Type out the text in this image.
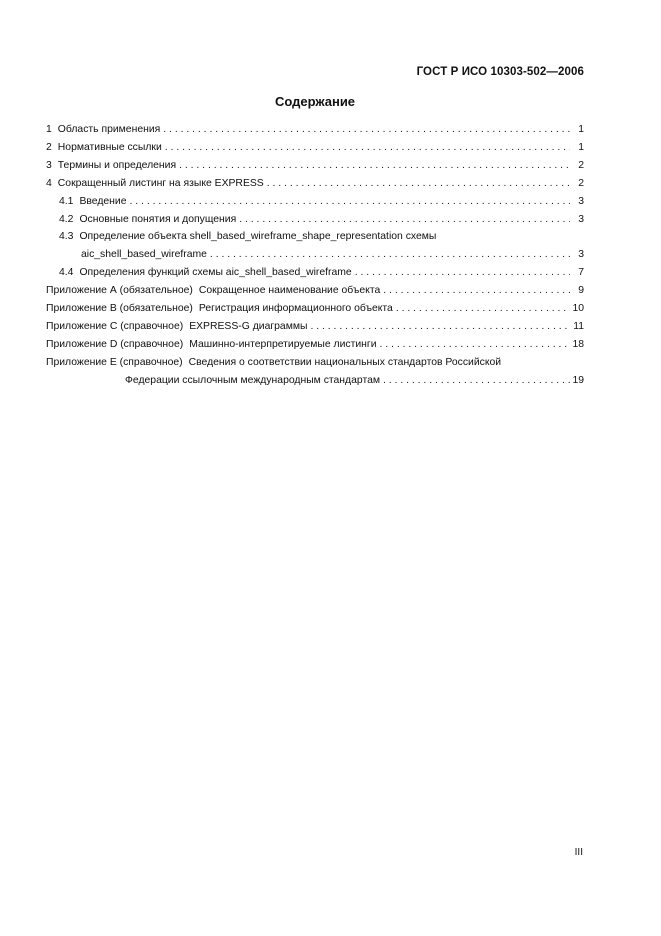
ГОСТ Р ИСО 10303-502—2006
Содержание
1 Область применения . . .	1
2 Нормативные ссылки . . .	1
3 Термины и определения . . .	2
4 Сокращенный листинг на языке EXPRESS . . .	2
4.1 Введение . . .	3
4.2 Основные понятия и допущения . . .	3
4.3 Определение объекта shell_based_wireframe_shape_representation схемы
aic_shell_based_wireframe . . .	3
4.4 Определения функций схемы aic_shell_based_wireframe . . .	7
Приложение А (обязательное) Сокращенное наименование объекта . . .	9
Приложение В (обязательное) Регистрация информационного объекта . . .	10
Приложение С (справочное) EXPRESS-G диаграммы . . .	11
Приложение D (справочное) Машинно-интерпретируемые листинги . . .	18
Приложение Е (справочное) Сведения о соответствии национальных стандартов Российской
Федерации ссылочным международным стандартам . . .	19
III
